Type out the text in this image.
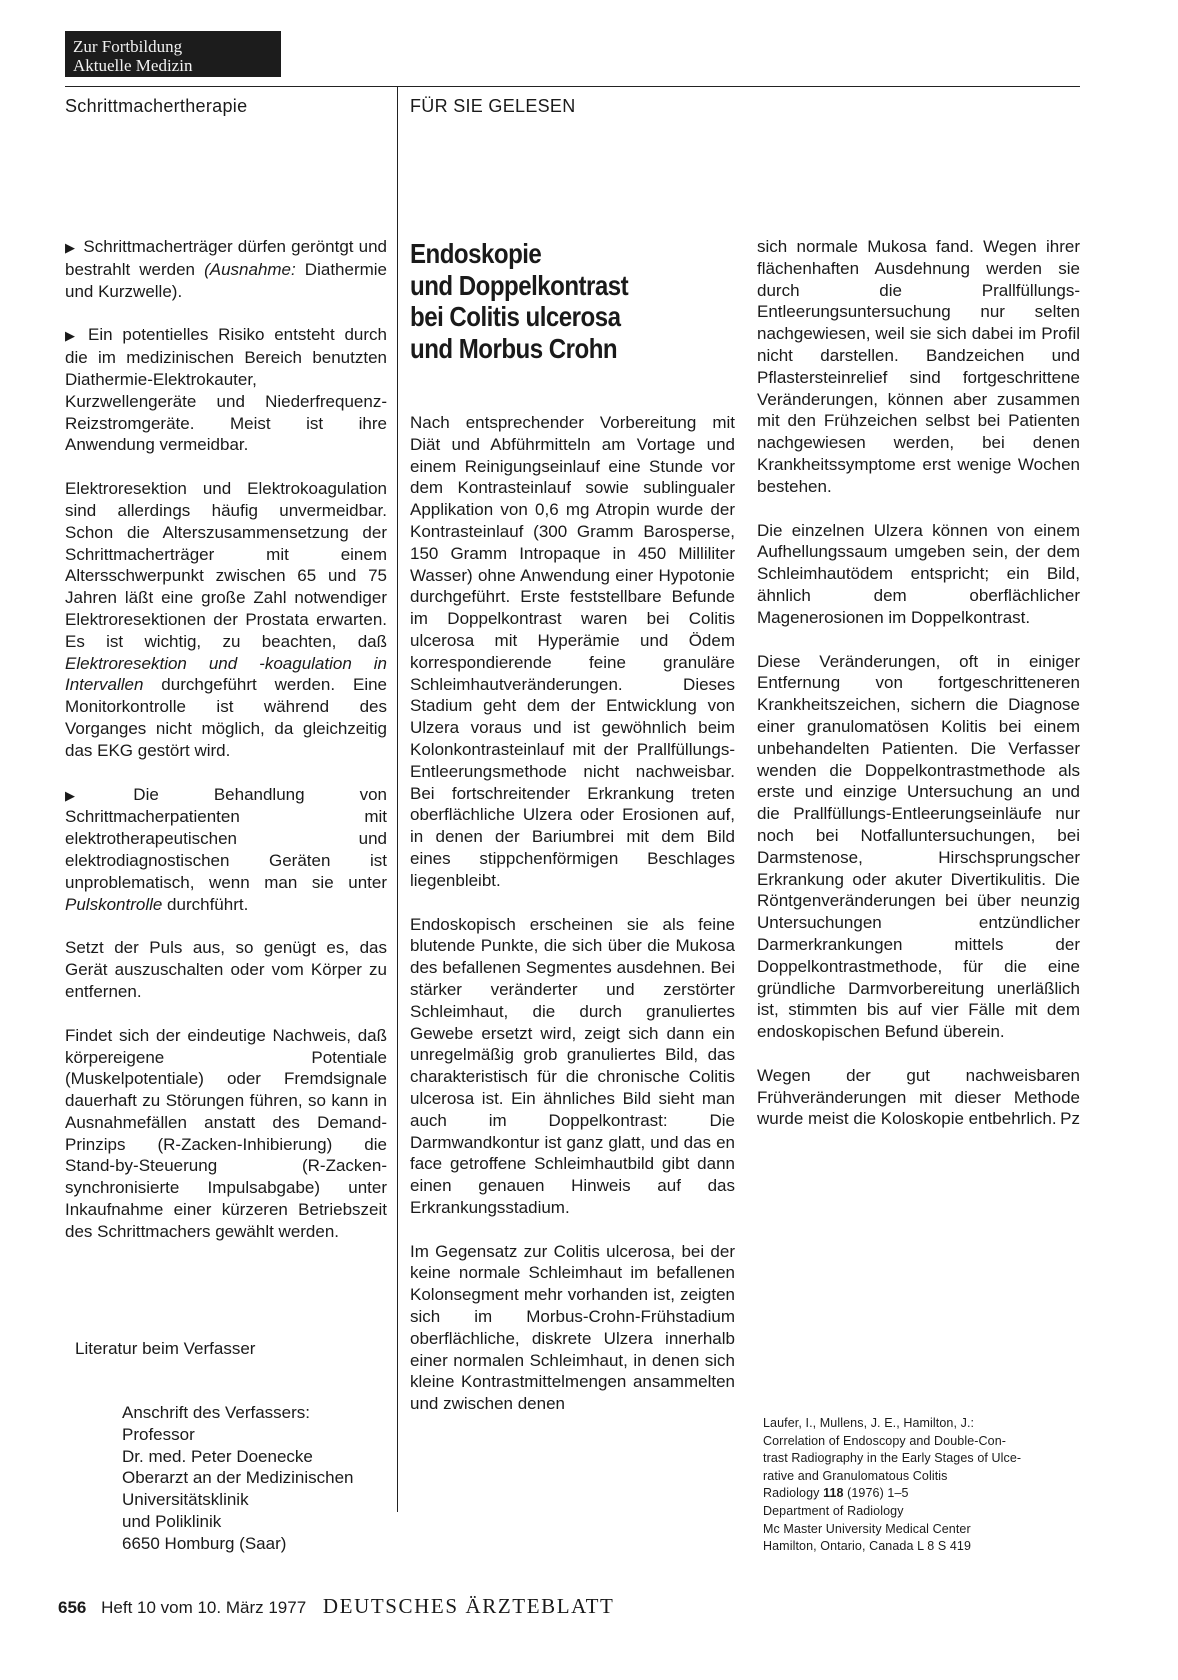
Zur Fortbildung
Aktuelle Medizin
Schrittmachertherapie	FÜR SIE GELESEN

▶ Schrittmacherträger dürfen geröntgt und bestrahlt werden (Ausnahme: Diathermie und Kurzwelle).

▶ Ein potentielles Risiko entsteht durch die im medizinischen Bereich benutzten Diathermie-Elektrokauter, Kurzwellengeräte und Niederfrequenz-Reizstromgeräte. Meist ist ihre Anwendung vermeidbar.

Elektroresektion und Elektrokoagulation sind allerdings häufig unvermeidbar. Schon die Alterszusammensetzung der Schrittmacherträger mit einem Altersschwerpunkt zwischen 65 und 75 Jahren läßt eine große Zahl notwendiger Elektroresektionen der Prostata erwarten. Es ist wichtig, zu beachten, daß Elektroresektion und -koagulation in Intervallen durchgeführt werden. Eine Monitorkontrolle ist während des Vorganges nicht möglich, da gleichzeitig das EKG gestört wird.

▶ Die Behandlung von Schrittmacherpatienten mit elektrotherapeutischen und elektrodiagnostischen Geräten ist unproblematisch, wenn man sie unter Pulskontrolle durchführt.

Setzt der Puls aus, so genügt es, das Gerät auszuschalten oder vom Körper zu entfernen.

Findet sich der eindeutige Nachweis, daß körpereigene Potentiale (Muskelpotentiale) oder Fremdsignale dauerhaft zu Störungen führen, so kann in Ausnahmefällen anstatt des Demand-Prinzips (R-Zacken-Inhibierung) die Stand-by-Steuerung (R-Zacken-synchronisierte Impulsabgabe) unter Inkaufnahme einer kürzeren Betriebszeit des Schrittmachers gewählt werden.

Literatur beim Verfasser
Anschrift des Verfassers:
Professor
Dr. med. Peter Doenecke
Oberarzt an der Medizinischen
Universitätsklinik
und Poliklinik
6650 Homburg (Saar)
Endoskopie
und Doppelkontrast
bei Colitis ulcerosa
und Morbus Crohn

Nach entsprechender Vorbereitung mit Diät und Abführmitteln am Vortage und einem Reinigungseinlauf eine Stunde vor dem Kontrasteinlauf sowie sublingualer Applikation von 0,6 mg Atropin wurde der Kontrasteinlauf (300 Gramm Barosperse, 150 Gramm Intropaque in 450 Milliliter Wasser) ohne Anwendung einer Hypotonie durchgeführt. Erste feststellbare Befunde im Doppelkontrast waren bei Colitis ulcerosa mit Hyperämie und Ödem korrespondierende feine granuläre Schleimhautveränderungen. Dieses Stadium geht dem der Entwicklung von Ulzera voraus und ist gewöhnlich beim Kolonkontrasteinlauf mit der Prallfüllungs-Entleerungsmethode nicht nachweisbar. Bei fortschreitender Erkrankung treten oberflächliche Ulzera oder Erosionen auf, in denen der Bariumbrei mit dem Bild eines stippchenförmigen Beschlages liegenbleibt.

Endoskopisch erscheinen sie als feine blutende Punkte, die sich über die Mukosa des befallenen Segmentes ausdehnen. Bei stärker veränderter und zerstörter Schleimhaut, die durch granuliertes Gewebe ersetzt wird, zeigt sich dann ein unregelmäßig grob granuliertes Bild, das charakteristisch für die chronische Colitis ulcerosa ist. Ein ähnliches Bild sieht man auch im Doppelkontrast: Die Darmwandkontur ist ganz glatt, und das en face getroffene Schleimhautbild gibt dann einen genauen Hinweis auf das Erkrankungsstadium.

Im Gegensatz zur Colitis ulcerosa, bei der keine normale Schleimhaut im befallenen Kolonsegment mehr vorhanden ist, zeigten sich im Morbus-Crohn-Frühstadium oberflächliche, diskrete Ulzera innerhalb einer normalen Schleimhaut, in denen sich kleine Kontrastmittelmengen ansammelten und zwischen denen

sich normale Mukosa fand. Wegen ihrer flächenhaften Ausdehnung werden sie durch die Prallfüllungs-Entleerungsuntersuchung nur selten nachgewiesen, weil sie sich dabei im Profil nicht darstellen. Bandzeichen und Pflastersteinrelief sind fortgeschrittene Veränderungen, können aber zusammen mit den Frühzeichen selbst bei Patienten nachgewiesen werden, bei denen Krankheitssymptome erst wenige Wochen bestehen.

Die einzelnen Ulzera können von einem Aufhellungssaum umgeben sein, der dem Schleimhautödem entspricht; ein Bild, ähnlich dem oberflächlicher Magenerosionen im Doppelkontrast.

Diese Veränderungen, oft in einiger Entfernung von fortgeschritteneren Krankheitszeichen, sichern die Diagnose einer granulomatösen Kolitis bei einem unbehandelten Patienten. Die Verfasser wenden die Doppelkontrastmethode als erste und einzige Untersuchung an und die Prallfüllungs-Entleerungseinläufe nur noch bei Notfalluntersuchungen, bei Darmstenose, Hirschsprungscher Erkrankung oder akuter Divertikulitis. Die Röntgenveränderungen bei über neunzig Untersuchungen entzündlicher Darmerkrankungen mittels der Doppelkontrastmethode, für die eine gründliche Darmvorbereitung unerläßlich ist, stimmten bis auf vier Fälle mit dem endoskopischen Befund überein.

Wegen der gut nachweisbaren Frühveränderungen mit dieser Methode wurde meist die Koloskopie entbehrlich. Pz

Laufer, I., Mullens, J. E., Hamilton, J.:
Correlation of Endoscopy and Double-Con-
trast Radiography in the Early Stages of Ulce-
rative and Granulomatous Colitis
Radiology 118 (1976) 1–5
Department of Radiology
Mc Master University Medical Center
Hamilton, Ontario, Canada L 8 S 419
656 Heft 10 vom 10. März 1977 DEUTSCHES ÄRZTEBLATT
